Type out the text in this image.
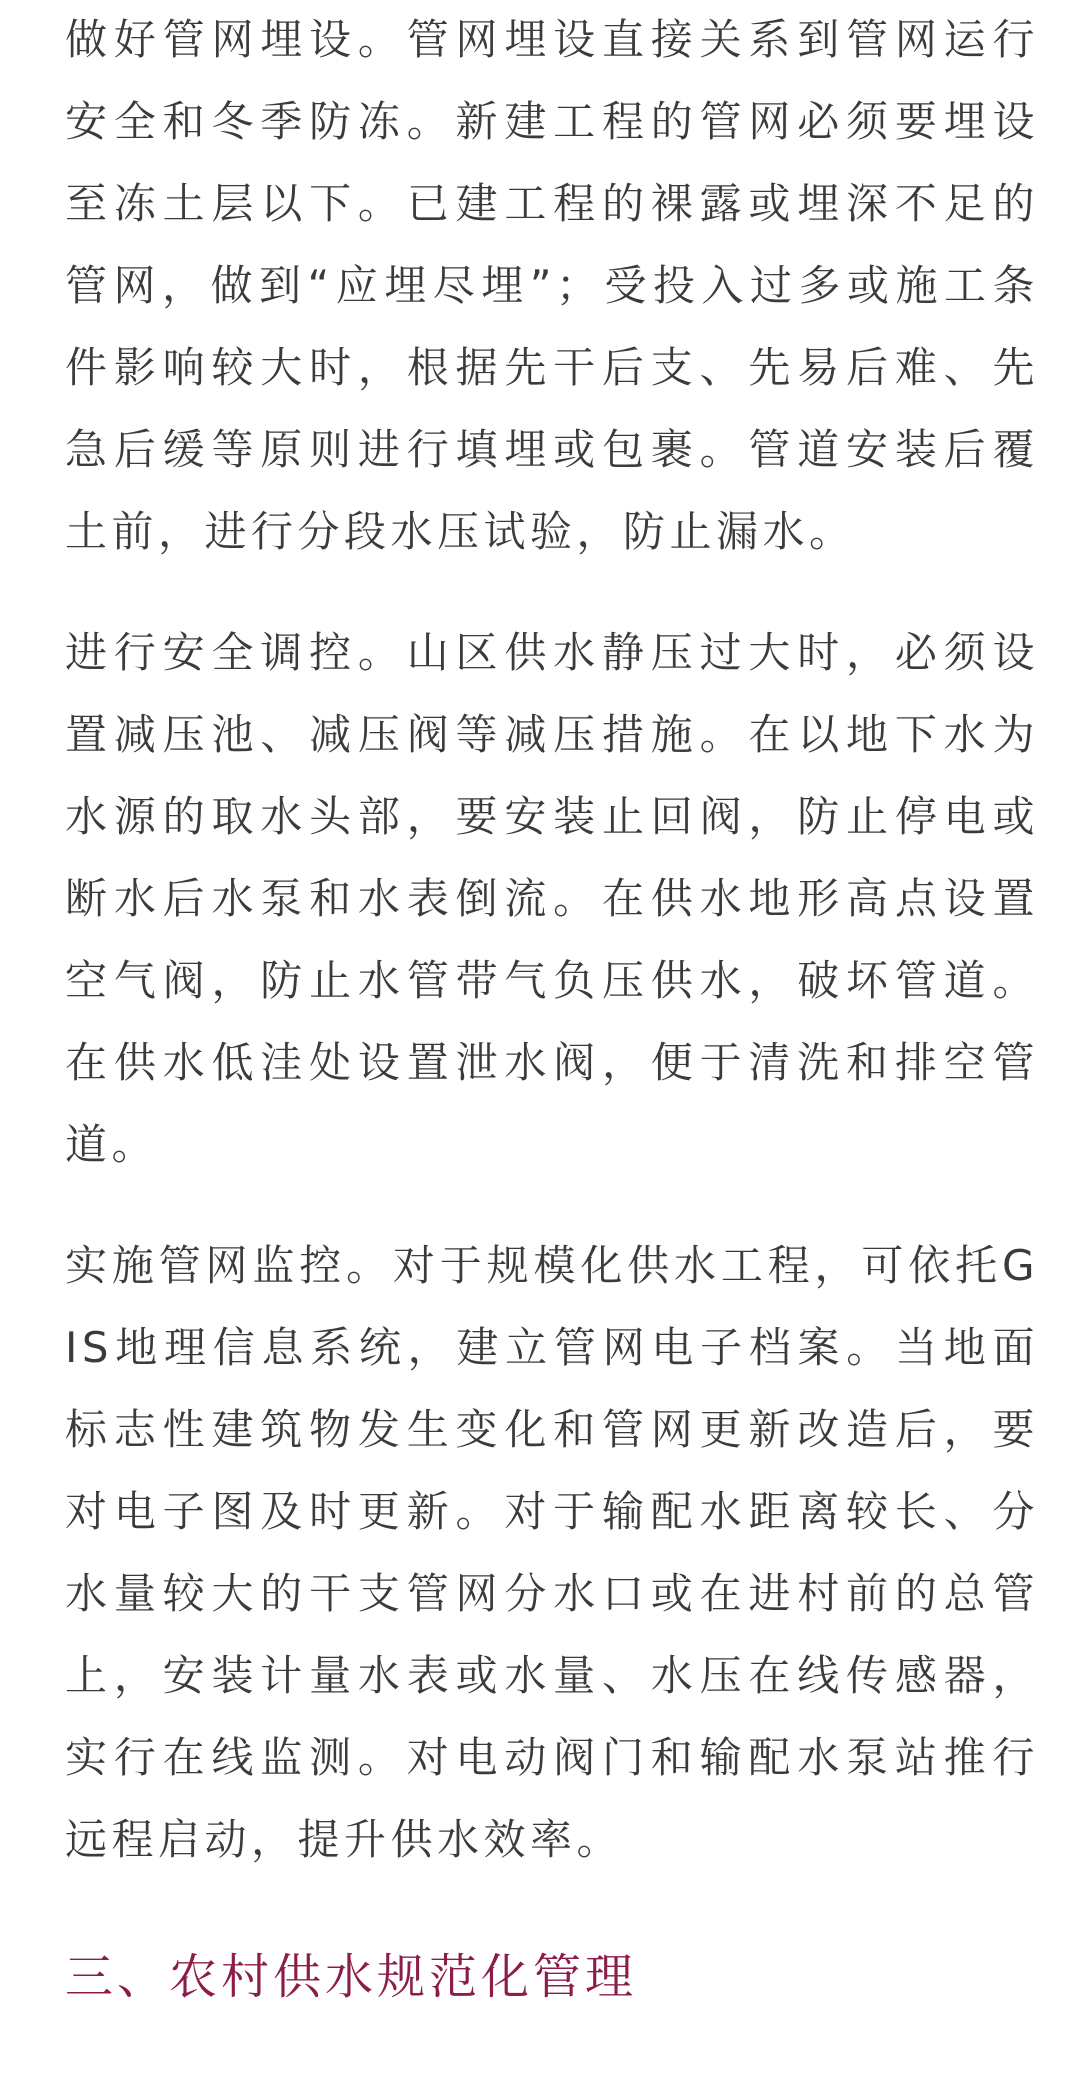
做好管网埋设。管网埋设直接关系到管网运行安全和冬季防冻。新建工程的管网必须要埋设至冻土层以下。已建工程的裸露或埋深不足的管网，做到“应埋尽埋”；受投入过多或施工条件影响较大时，根据先干后支、先易后难、先急后缓等原则进行填埋或包裹。管道安装后覆土前，进行分段水压试验，防止漏水。

进行安全调控。山区供水静压过大时，必须设置减压池、减压阀等减压措施。在以地下水为水源的取水头部，要安装止回阀，防止停电或断水后水泵和水表倒流。在供水地形高点设置空气阀，防止水管带气负压供水，破坏管道。在供水低洼处设置泄水阀，便于清洗和排空管道。

实施管网监控。对于规模化供水工程，可依托GIS地理信息系统，建立管网电子档案。当地面标志性建筑物发生变化和管网更新改造后，要对电子图及时更新。对于输配水距离较长、分水量较大的干支管网分水口或在进村前的总管上，安装计量水表或水量、水压在线传感器，实行在线监测。对电动阀门和输配水泵站推行远程启动，提升供水效率。

三、农村供水规范化管理
